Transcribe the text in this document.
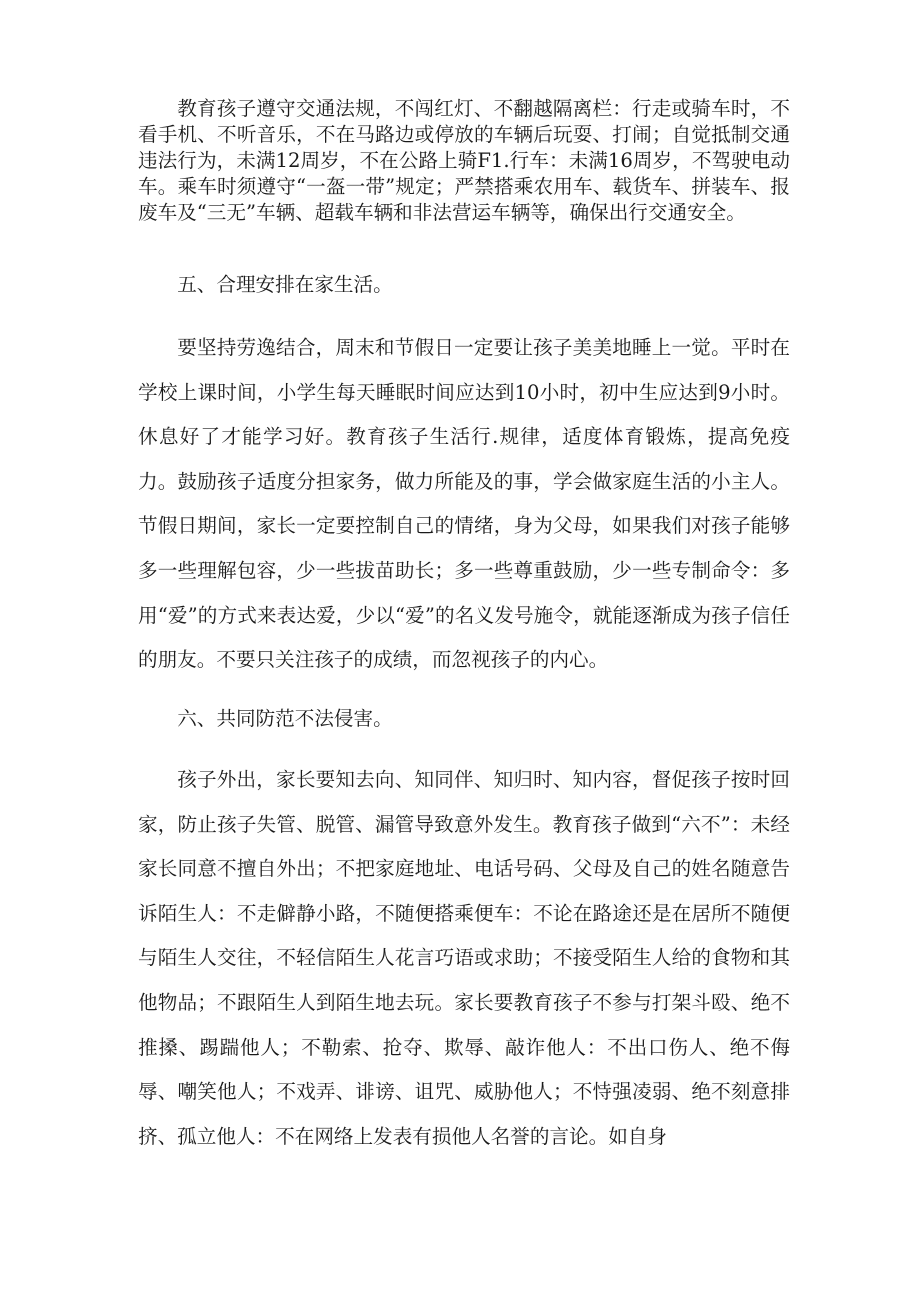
教育孩子遵守交通法规，不闯红灯、不翻越隔离栏：行走或骑车时，不看手机、不听音乐，不在马路边或停放的车辆后玩耍、打闹；自觉抵制交通违法行为，未满12周岁，不在公路上骑F1.行车：未满16周岁，不驾驶电动车。乘车时须遵守“一盔一带”规定；严禁搭乘农用车、载货车、拼装车、报废车及“三无”车辆、超载车辆和非法营运车辆等，确保出行交通安全。

五、合理安排在家生活。

要坚持劳逸结合，周末和节假日一定要让孩子美美地睡上一觉。平时在学校上课时间，小学生每天睡眠时间应达到10小时，初中生应达到9小时。休息好了才能学习好。教育孩子生活行.规律，适度体育锻炼，提高免疫力。鼓励孩子适度分担家务，做力所能及的事，学会做家庭生活的小主人。节假日期间，家长一定要控制自己的情绪，身为父母，如果我们对孩子能够多一些理解包容，少一些拔苗助长；多一些尊重鼓励，少一些专制命令：多用“爱”的方式来表达爱，少以“爱”的名义发号施令，就能逐渐成为孩子信任的朋友。不要只关注孩子的成绩，而忽视孩子的内心。

六、共同防范不法侵害。

孩子外出，家长要知去向、知同伴、知归时、知内容，督促孩子按时回家，防止孩子失管、脱管、漏管导致意外发生。教育孩子做到“六不”：未经家长同意不擅自外出；不把家庭地址、电话号码、父母及自己的姓名随意告诉陌生人：不走僻静小路，不随便搭乘便车：不论在路途还是在居所不随便与陌生人交往，不轻信陌生人花言巧语或求助；不接受陌生人给的食物和其他物品；不跟陌生人到陌生地去玩。家长要教育孩子不参与打架斗殴、绝不推搡、踢踹他人；不勒索、抢夺、欺辱、敲诈他人：不出口伤人、绝不侮辱、嘲笑他人；不戏弄、诽谤、诅咒、威胁他人；不恃强凌弱、绝不刻意排挤、孤立他人：不在网络上发表有损他人名誉的言论。如自身
